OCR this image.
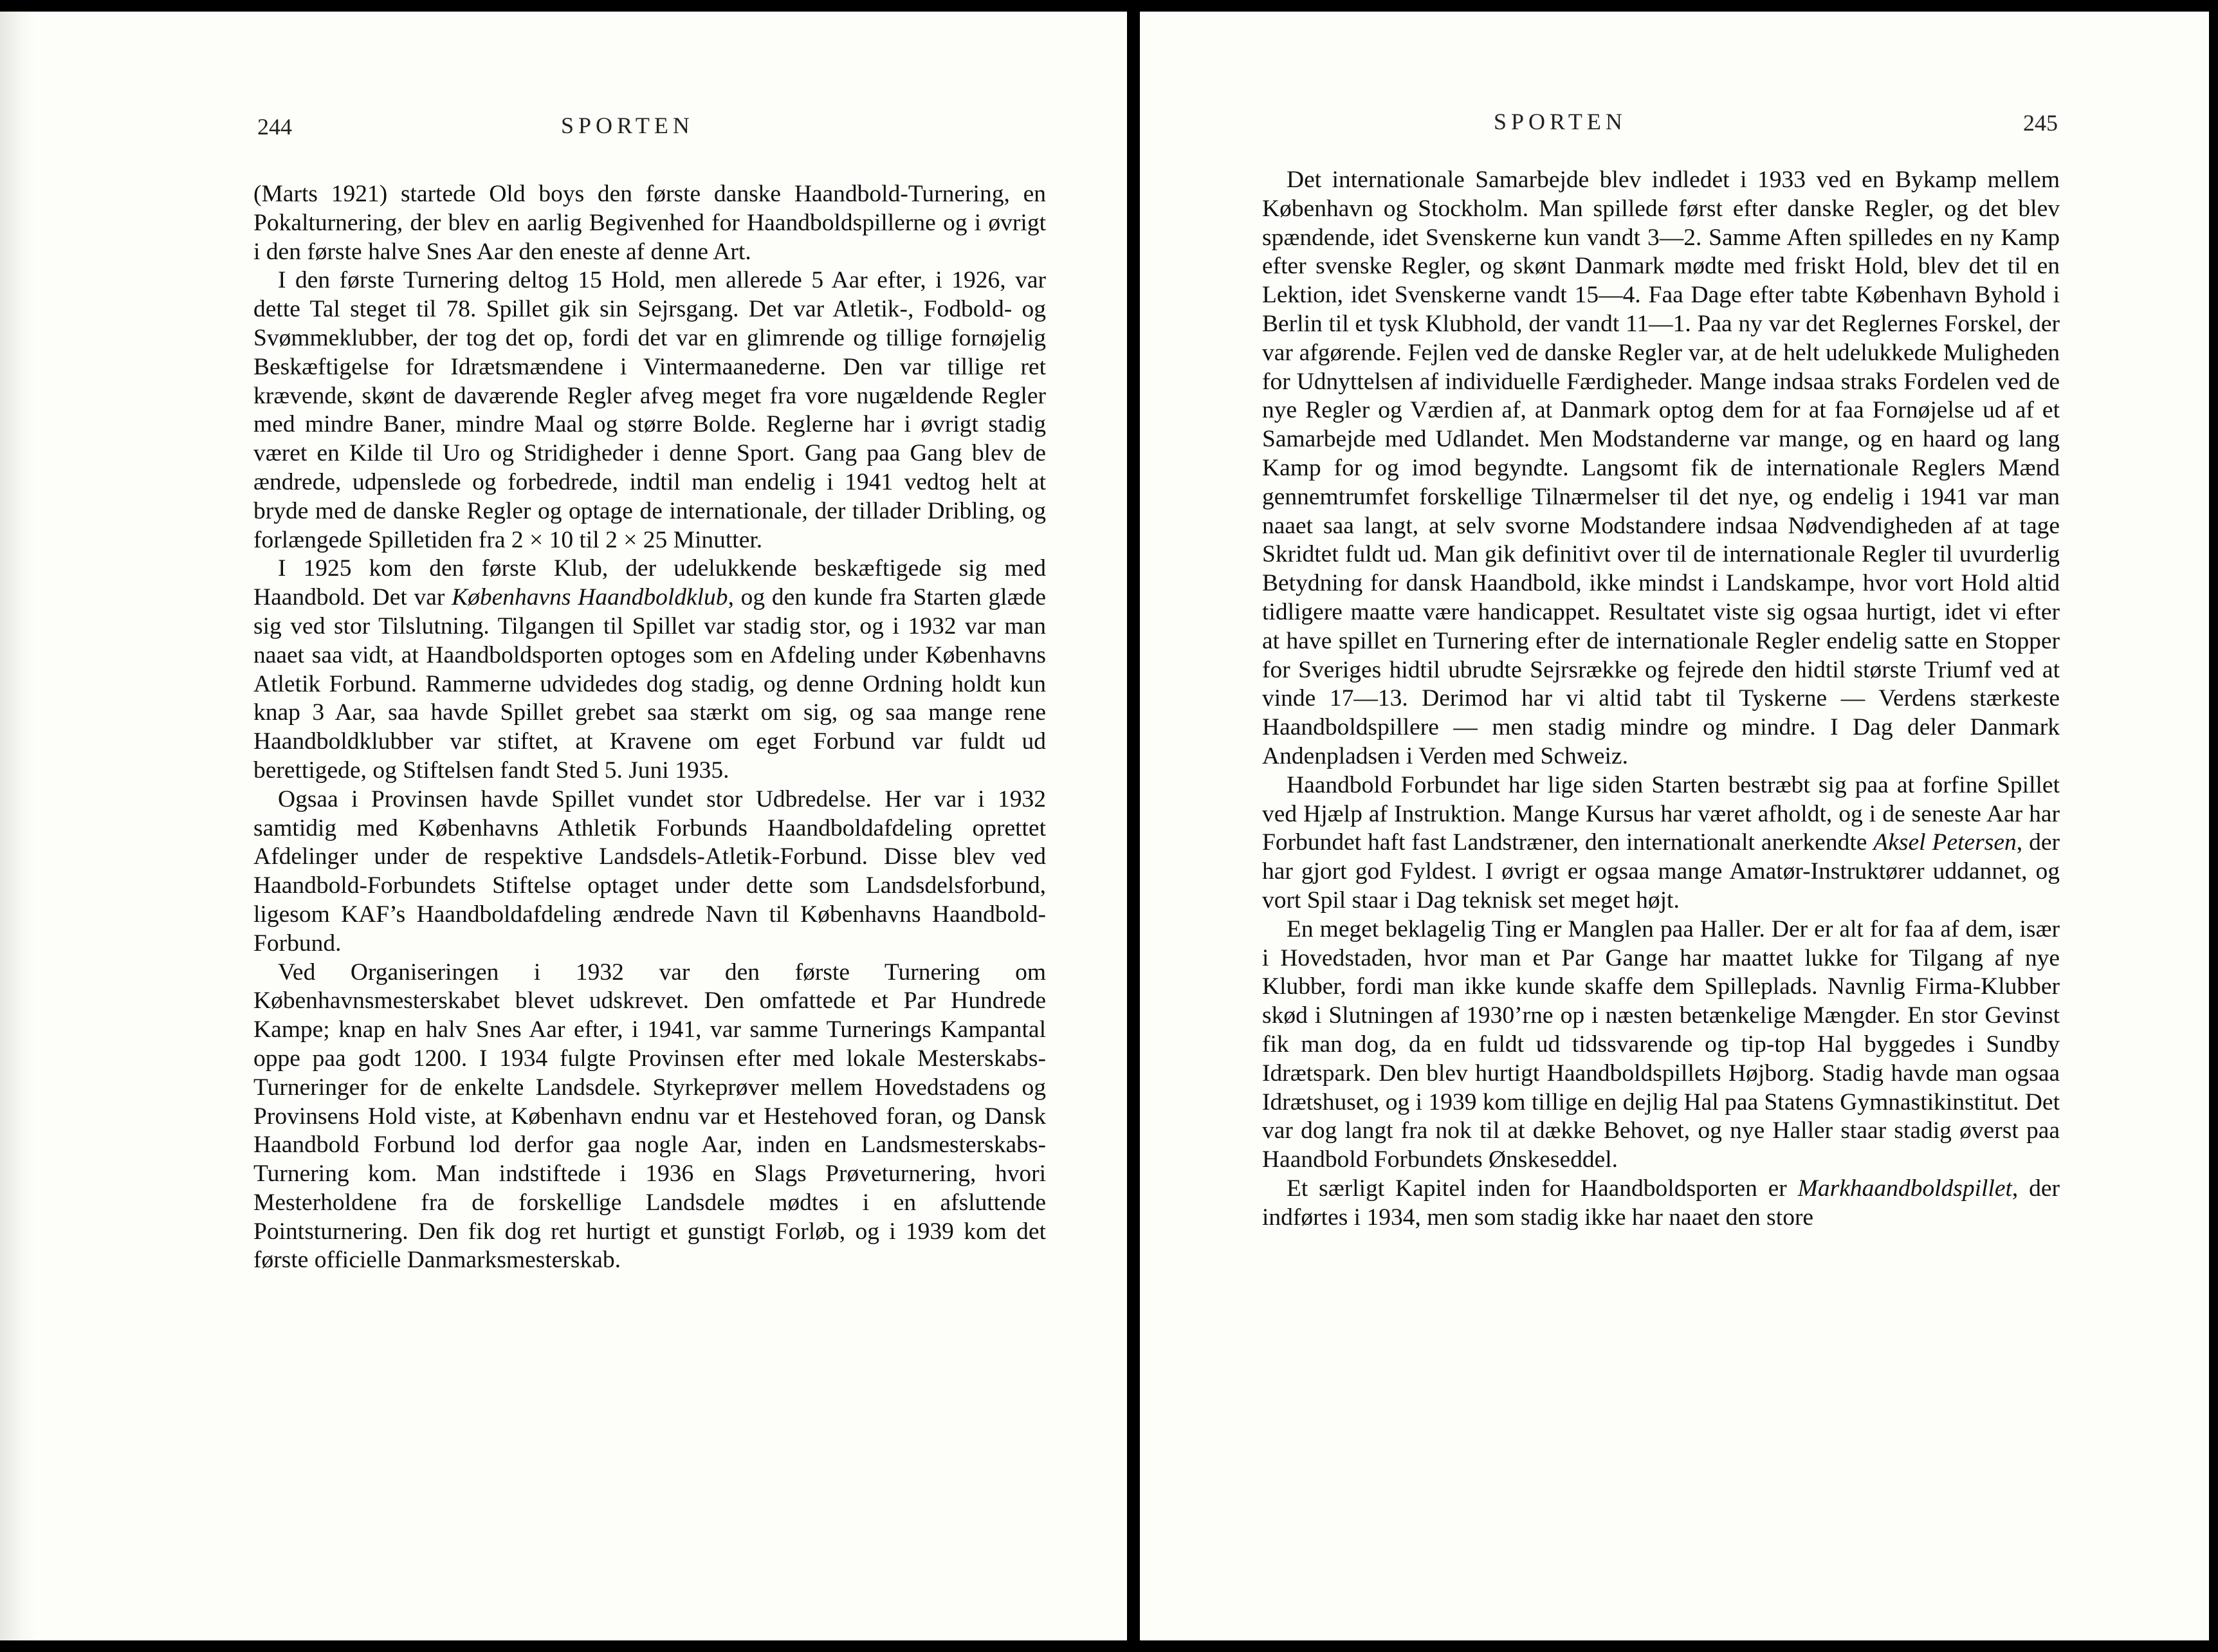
244	SPORTEN

(Marts 1921) startede Old boys den første danske Haandbold-Turnering, en Pokalturnering, der blev en aarlig Begivenhed for Haandboldspillerne og i øvrigt i den første halve Snes Aar den eneste af denne Art.

I den første Turnering deltog 15 Hold, men allerede 5 Aar efter, i 1926, var dette Tal steget til 78. Spillet gik sin Sejrsgang. Det var Atletik-, Fodbold- og Svømmeklubber, der tog det op, fordi det var en glimrende og tillige fornøjelig Beskæftigelse for Idrætsmændene i Vintermaanederne. Den var tillige ret krævende, skønt de daværende Regler afveg meget fra vore nugældende Regler med mindre Baner, mindre Maal og større Bolde. Reglerne har i øvrigt stadig været en Kilde til Uro og Stridigheder i denne Sport. Gang paa Gang blev de ændrede, udpenslede og forbedrede, indtil man endelig i 1941 vedtog helt at bryde med de danske Regler og optage de internationale, der tillader Dribling, og forlængede Spilletiden fra 2 × 10 til 2 × 25 Minutter.

I 1925 kom den første Klub, der udelukkende beskæftigede sig med Haandbold. Det var Københavns Haandboldklub, og den kunde fra Starten glæde sig ved stor Tilslutning. Tilgangen til Spillet var stadig stor, og i 1932 var man naaet saa vidt, at Haandboldsporten optoges som en Afdeling under Københavns Atletik Forbund. Rammerne udvidedes dog stadig, og denne Ordning holdt kun knap 3 Aar, saa havde Spillet grebet saa stærkt om sig, og saa mange rene Haandboldklubber var stiftet, at Kravene om eget Forbund var fuldt ud berettigede, og Stiftelsen fandt Sted 5. Juni 1935.

Ogsaa i Provinsen havde Spillet vundet stor Udbredelse. Her var i 1932 samtidig med Københavns Athletik Forbunds Haandboldafdeling oprettet Afdelinger under de respektive Landsdels-Atletik-Forbund. Disse blev ved Haandbold-Forbundets Stiftelse optaget under dette som Landsdelsforbund, ligesom KAF’s Haandboldafdeling ændrede Navn til Københavns Haandbold-Forbund.

Ved Organiseringen i 1932 var den første Turnering om Københavnsmesterskabet blevet udskrevet. Den omfattede et Par Hundrede Kampe; knap en halv Snes Aar efter, i 1941, var samme Turnerings Kampantal oppe paa godt 1200. I 1934 fulgte Provinsen efter med lokale Mesterskabs-Turneringer for de enkelte Landsdele. Styrkeprøver mellem Hovedstadens og Provinsens Hold viste, at København endnu var et Hestehoved foran, og Dansk Haandbold Forbund lod derfor gaa nogle Aar, inden en Landsmesterskabs-Turnering kom. Man indstiftede i 1936 en Slags Prøveturnering, hvori Mesterholdene fra de forskellige Landsdele mødtes i en afsluttende Pointsturnering. Den fik dog ret hurtigt et gunstigt Forløb, og i 1939 kom det første officielle Danmarksmesterskab.

SPORTEN	245

Det internationale Samarbejde blev indledet i 1933 ved en Bykamp mellem København og Stockholm. Man spillede først efter danske Regler, og det blev spændende, idet Svenskerne kun vandt 3—2. Samme Aften spilledes en ny Kamp efter svenske Regler, og skønt Danmark mødte med friskt Hold, blev det til en Lektion, idet Svenskerne vandt 15—4. Faa Dage efter tabte København Byhold i Berlin til et tysk Klubhold, der vandt 11—1. Paa ny var det Reglernes Forskel, der var afgørende. Fejlen ved de danske Regler var, at de helt udelukkede Muligheden for Udnyttelsen af individuelle Færdigheder. Mange indsaa straks Fordelen ved de nye Regler og Værdien af, at Danmark optog dem for at faa Fornøjelse ud af et Samarbejde med Udlandet. Men Modstanderne var mange, og en haard og lang Kamp for og imod begyndte. Langsomt fik de internationale Reglers Mænd gennemtrumfet forskellige Tilnærmelser til det nye, og endelig i 1941 var man naaet saa langt, at selv svorne Modstandere indsaa Nødvendigheden af at tage Skridtet fuldt ud. Man gik definitivt over til de internationale Regler til uvurderlig Betydning for dansk Haandbold, ikke mindst i Landskampe, hvor vort Hold altid tidligere maatte være handicappet. Resultatet viste sig ogsaa hurtigt, idet vi efter at have spillet en Turnering efter de internationale Regler endelig satte en Stopper for Sveriges hidtil ubrudte Sejrsrække og fejrede den hidtil største Triumf ved at vinde 17—13. Derimod har vi altid tabt til Tyskerne — Verdens stærkeste Haandboldspillere — men stadig mindre og mindre. I Dag deler Danmark Andenpladsen i Verden med Schweiz.

Haandbold Forbundet har lige siden Starten bestræbt sig paa at forfine Spillet ved Hjælp af Instruktion. Mange Kursus har været afholdt, og i de seneste Aar har Forbundet haft fast Landstræner, den internationalt anerkendte Aksel Petersen, der har gjort god Fyldest. I øvrigt er ogsaa mange Amatør-Instruktører uddannet, og vort Spil staar i Dag teknisk set meget højt.

En meget beklagelig Ting er Manglen paa Haller. Der er alt for faa af dem, især i Hovedstaden, hvor man et Par Gange har maattet lukke for Tilgang af nye Klubber, fordi man ikke kunde skaffe dem Spilleplads. Navnlig Firma-Klubber skød i Slutningen af 1930’rne op i næsten betænkelige Mængder. En stor Gevinst fik man dog, da en fuldt ud tidssvarende og tip-top Hal byggedes i Sundby Idrætspark. Den blev hurtigt Haandboldspillets Højborg. Stadig havde man ogsaa Idrætshuset, og i 1939 kom tillige en dejlig Hal paa Statens Gymnastikinstitut. Det var dog langt fra nok til at dække Behovet, og nye Haller staar stadig øverst paa Haandbold Forbundets Ønskeseddel.

Et særligt Kapitel inden for Haandboldsporten er Markhaandboldspillet, der indførtes i 1934, men som stadig ikke har naaet den store
